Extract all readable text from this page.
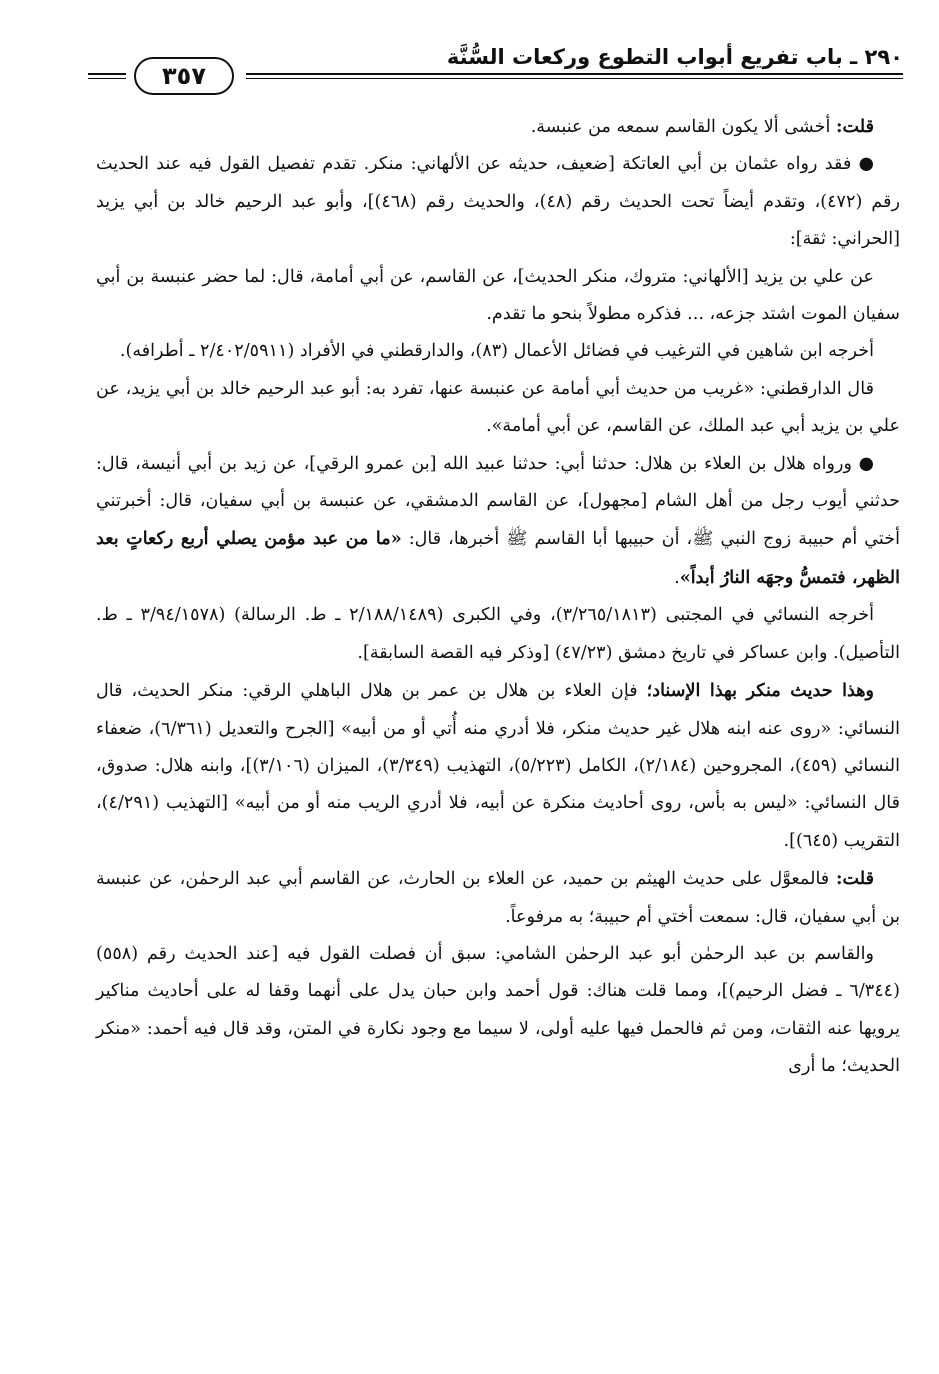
٣٥٧
٢٩٠ ـ باب تفريع أبواب التطوع وركعات السُّنَّة

قلت: أخشى ألا يكون القاسم سمعه من عنبسة.

● فقد رواه عثمان بن أبي العاتكة [ضعيف، حديثه عن الألهاني: منكر. تقدم تفصيل القول فيه عند الحديث رقم (٤٧٢)، وتقدم أيضاً تحت الحديث رقم (٤٨)، والحديث رقم (٤٦٨)]، وأبو عبد الرحيم خالد بن أبي يزيد [الحراني: ثقة]:

عن علي بن يزيد [الألهاني: متروك، منكر الحديث]، عن القاسم، عن أبي أمامة، قال: لما حضر عنبسة بن أبي سفيان الموت اشتد جزعه، ... فذكره مطولاً بنحو ما تقدم.

أخرجه ابن شاهين في الترغيب في فضائل الأعمال (٨٣)، والدارقطني في الأفراد (٢/٤٠٢/٥٩١١ ـ أطرافه).

قال الدارقطني: «غريب من حديث أبي أمامة عن عنبسة عنها، تفرد به: أبو عبد الرحيم خالد بن أبي يزيد، عن علي بن يزيد أبي عبد الملك، عن القاسم، عن أبي أمامة».

● ورواه هلال بن العلاء بن هلال: حدثنا أبي: حدثنا عبيد الله [بن عمرو الرقي]، عن زيد بن أبي أنيسة، قال: حدثني أيوب رجل من أهل الشام [مجهول]، عن القاسم الدمشقي، عن عنبسة بن أبي سفيان، قال: أخبرتني أختي أم حبيبة زوج النبي ﷺ، أن حبيبها أبا القاسم ﷺ أخبرها، قال: «ما من عبد مؤمن يصلي أربع ركعاتٍ بعد الظهر، فتمسُّ وجهَه النارُ أبداً».

أخرجه النسائي في المجتبى (٣/٢٦٥/١٨١٣)، وفي الكبرى (٢/١٨٨/١٤٨٩ ـ ط. الرسالة) (٣/٩٤/١٥٧٨ ـ ط. التأصيل). وابن عساكر في تاريخ دمشق (٤٧/٢٣) [وذكر فيه القصة السابقة].

وهذا حديث منكر بهذا الإسناد؛ فإن العلاء بن هلال بن عمر بن هلال الباهلي الرقي: منكر الحديث، قال النسائي: «روى عنه ابنه هلال غير حديث منكر، فلا أدري منه أُتي أو من أبيه» [الجرح والتعديل (٦/٣٦١)، ضعفاء النسائي (٤٥٩)، المجروحين (٢/١٨٤)، الكامل (٥/٢٢٣)، التهذيب (٣/٣٤٩)، الميزان (٣/١٠٦)]، وابنه هلال: صدوق، قال النسائي: «ليس به بأس، روى أحاديث منكرة عن أبيه، فلا أدري الريب منه أو من أبيه» [التهذيب (٤/٢٩١)، التقريب (٦٤٥)].

قلت: فالمعوَّل على حديث الهيثم بن حميد، عن العلاء بن الحارث، عن القاسم أبي عبد الرحمٰن، عن عنبسة بن أبي سفيان، قال: سمعت أختي أم حبيبة؛ به مرفوعاً.

والقاسم بن عبد الرحمٰن أبو عبد الرحمٰن الشامي: سبق أن فصلت القول فيه [عند الحديث رقم (٥٥٨) (٦/٣٤٤ ـ فضل الرحيم)]، ومما قلت هناك: قول أحمد وابن حبان يدل على أنهما وقفا له على أحاديث مناكير يرويها عنه الثقات، ومن ثم فالحمل فيها عليه أولى، لا سيما مع وجود نكارة في المتن، وقد قال فيه أحمد: «منكر الحديث؛ ما أرى
